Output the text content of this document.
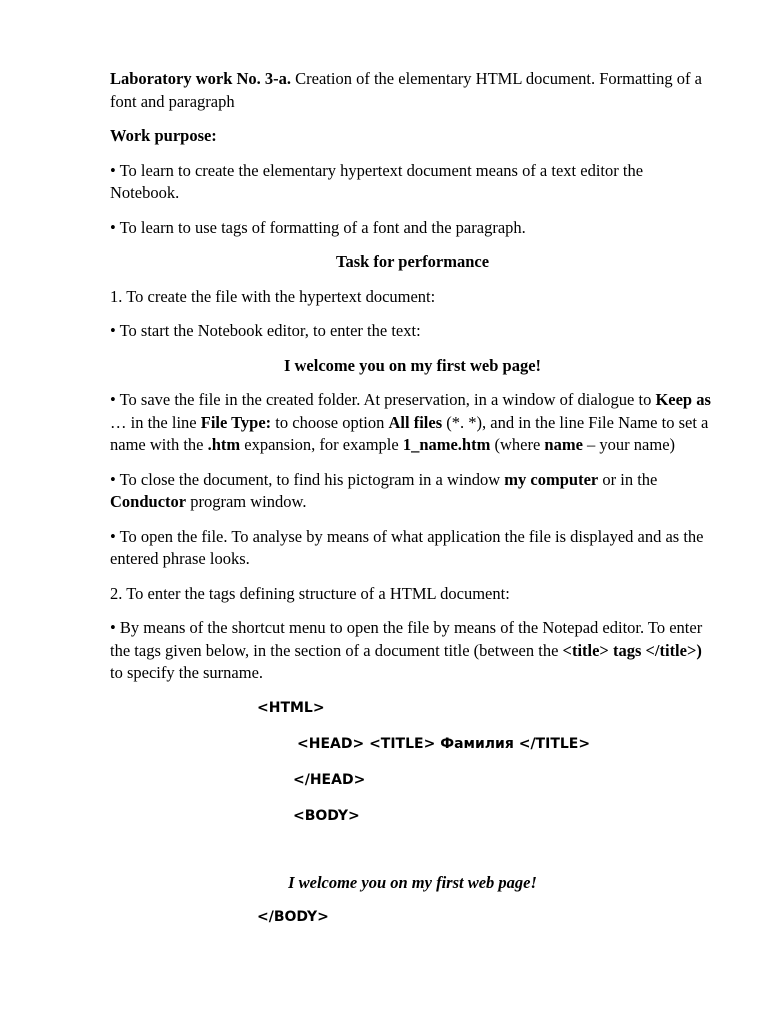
Laboratory work No. 3-a. Creation of the elementary HTML document. Formatting of a font and paragraph

Work purpose:

• To learn to create the elementary hypertext document means of a text editor the Notebook.

• To learn to use tags of formatting of a font and the paragraph.

Task for performance

1. To create the file with the hypertext document:

• To start the Notebook editor, to enter the text:

I welcome you on my first web page!

• To save the file in the created folder. At preservation, in a window of dialogue to Keep as … in the line File Type: to choose option All files (*. *), and in the line File Name to set a name with the .htm expansion, for example 1_name.htm (where name – your name)

• To close the document, to find his pictogram in a window my computer or in the Conductor program window.

• To open the file. To analyse by means of what application the file is displayed and as the entered phrase looks.

2. To enter the tags defining structure of a HTML document:

• By means of the shortcut menu to open the file by means of the Notepad editor. To enter the tags given below, in the section of a document title (between the <title> tags </title>) to specify the surname.

<HTML>
<HEAD> <TITLE> Фамилия </TITLE>
</HEAD>
<BODY>

I welcome you on my first web page!

</BODY>
